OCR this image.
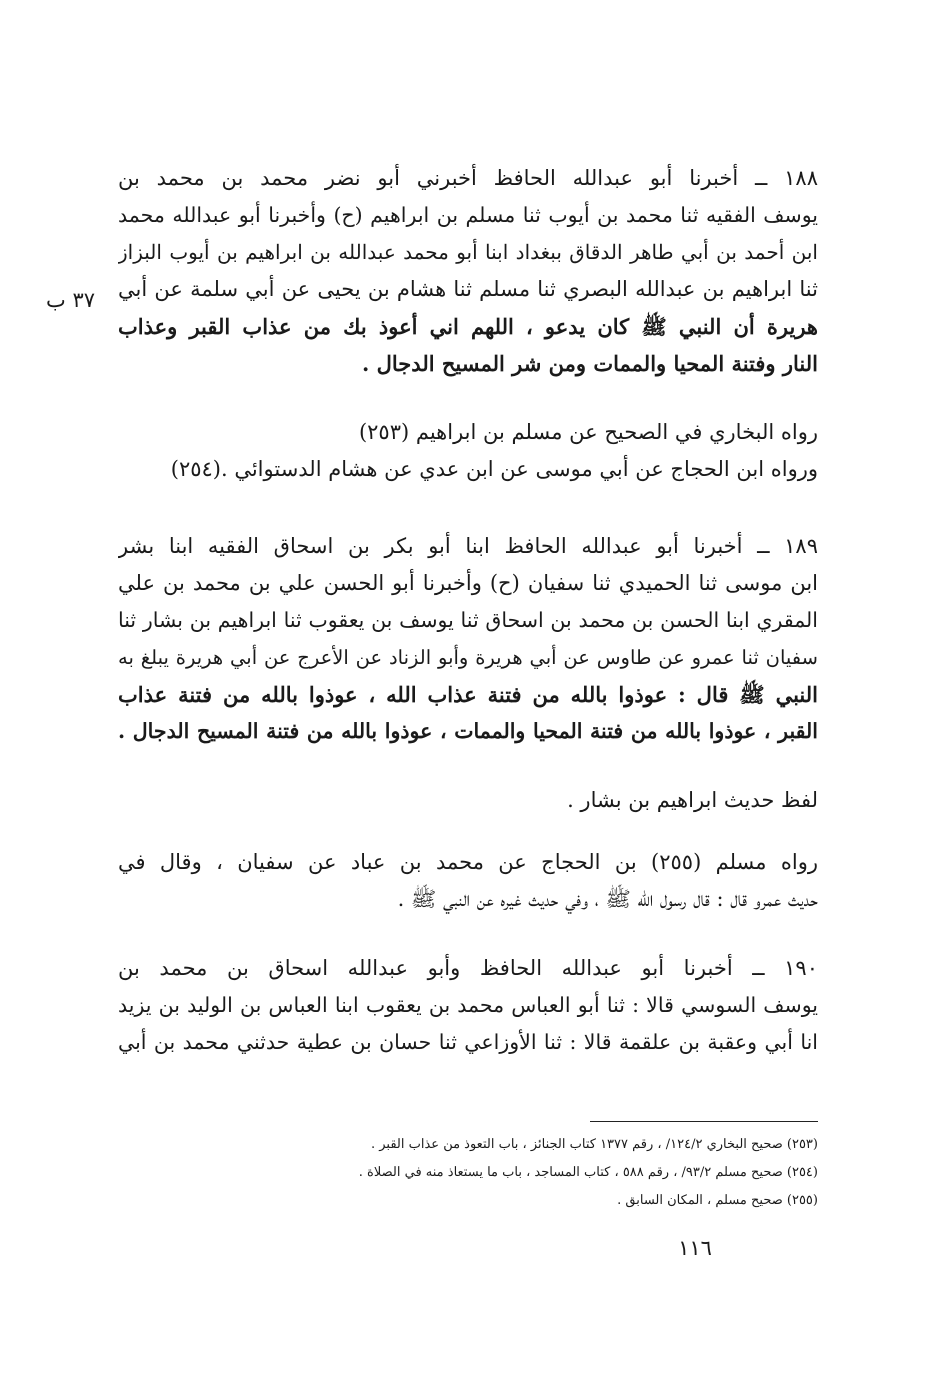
١٨٨ ــ أخبرنا أبو عبدالله الحافظ أخبرني أبو نضر محمد بن محمد بن
يوسف الفقيه ثنا محمد بن أيوب ثنا مسلم بن ابراهيم (ح) وأخبرنا أبو عبدالله محمد
ابن أحمد بن أبي طاهر الدقاق ببغداد ابنا أبو محمد عبدالله بن ابراهيم بن أيوب البزاز
ثنا ابراهيم بن عبدالله البصري ثنا مسلم ثنا هشام بن يحيى عن أبي سلمة عن أبي
هريرة أن النبي ﷺ كان يدعو ، اللهم اني أعوذ بك من عذاب القبر وعذاب
النار وفتنة المحيا والممات ومن شر المسيح الدجال .
٣٧ ب
رواه البخاري في الصحيح عن مسلم بن ابراهيم (٢٥٣)
ورواه ابن الحجاج عن أبي موسى عن ابن عدي عن هشام الدستوائي .(٢٥٤)
١٨٩ ــ أخبرنا أبو عبدالله الحافظ ابنا أبو بكر بن اسحاق الفقيه ابنا بشر
ابن موسى ثنا الحميدي ثنا سفيان (ح) وأخبرنا أبو الحسن علي بن محمد بن علي
المقري ابنا الحسن بن محمد بن اسحاق ثنا يوسف بن يعقوب ثنا ابراهيم بن بشار ثنا
سفيان ثنا عمرو عن طاوس عن أبي هريرة وأبو الزناد عن الأعرج عن أبي هريرة يبلغ به
النبي ﷺ قال : عوذوا بالله من فتنة عذاب الله ، عوذوا بالله من فتنة عذاب
القبر ، عوذوا بالله من فتنة المحيا والممات ، عوذوا بالله من فتنة المسيح الدجال .
لفظ حديث ابراهيم بن بشار .
رواه مسلم (٢٥٥) بن الحجاج عن محمد بن عباد عن سفيان ، وقال في
حديث عمرو قال : قال رسول الله ﷺ ، وفي حديث غيره عن النبي ﷺ .
١٩٠ ــ أخبرنا أبو عبدالله الحافظ وأبو عبدالله اسحاق بن محمد بن
يوسف السوسي قالا : ثنا أبو العباس محمد بن يعقوب ابنا العباس بن الوليد بن يزيد
انا أبي وعقبة بن علقمة قالا : ثنا الأوزاعي ثنا حسان بن عطية حدثني محمد بن أبي
(٢٥٣) صحيح البخاري ١٢٤/٢/ ، رقم ١٣٧٧ كتاب الجنائز ، باب التعوذ من عذاب القبر .
(٢٥٤) صحيح مسلم ٩٣/٢/ ، رقم ٥٨٨ ، كتاب المساجد ، باب ما يستعاذ منه في الصلاة .
(٢٥٥) صحيح مسلم ، المكان السابق .
١١٦
